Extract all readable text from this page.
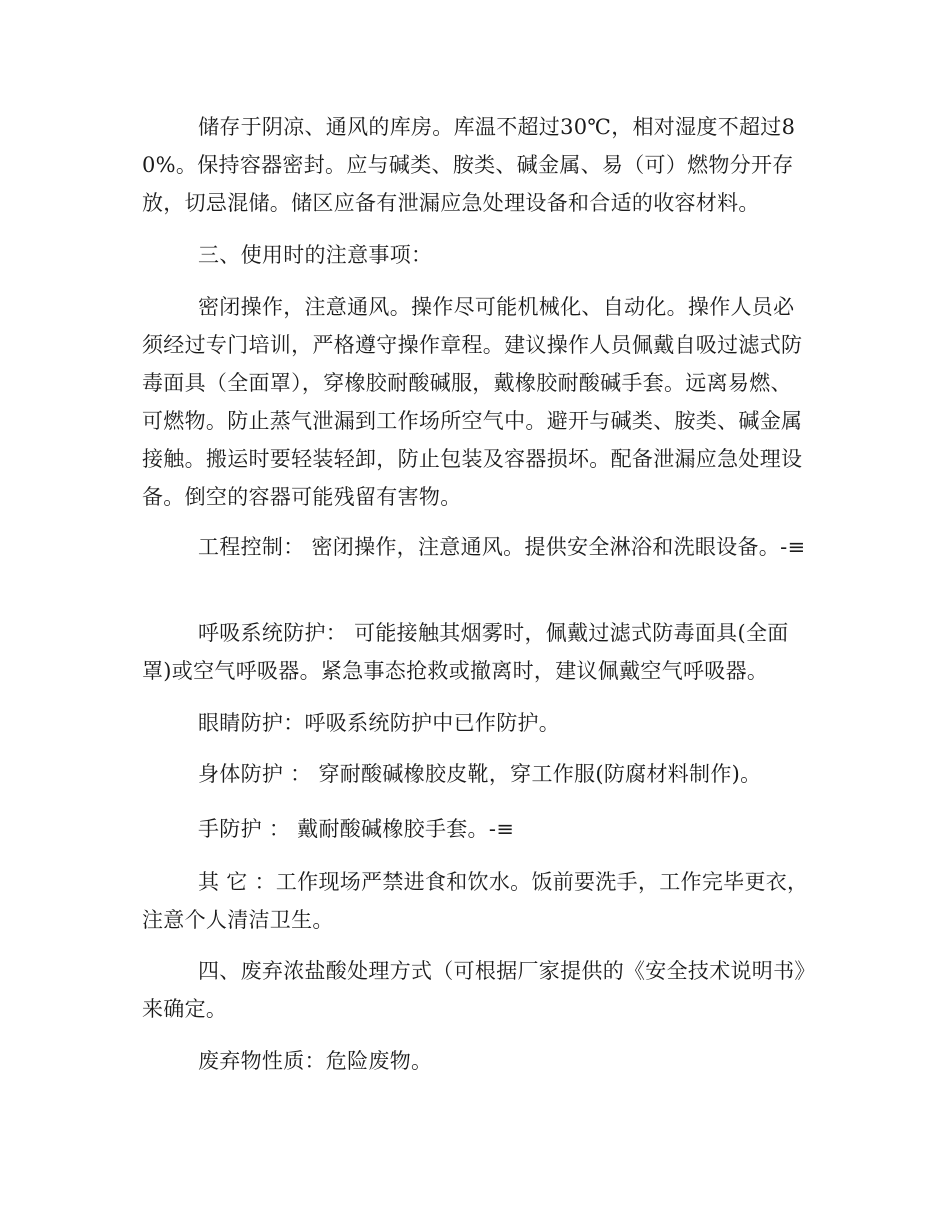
储存于阴凉、通风的库房。库温不超过30℃，相对湿度不超过80%。保持容器密封。应与碱类、胺类、碱金属、易（可）燃物分开存放，切忌混储。储区应备有泄漏应急处理设备和合适的收容材料。

三、使用时的注意事项：

密闭操作，注意通风。操作尽可能机械化、自动化。操作人员必须经过专门培训，严格遵守操作章程。建议操作人员佩戴自吸过滤式防毒面具（全面罩），穿橡胶耐酸碱服，戴橡胶耐酸碱手套。远离易燃、可燃物。防止蒸气泄漏到工作场所空气中。避开与碱类、胺类、碱金属接触。搬运时要轻装轻卸，防止包装及容器损坏。配备泄漏应急处理设备。倒空的容器可能残留有害物。

工程控制： 密闭操作，注意通风。提供安全淋浴和洗眼设备。-≡

呼吸系统防护： 可能接触其烟雾时，佩戴过滤式防毒面具(全面罩)或空气呼吸器。紧急事态抢救或撤离时，建议佩戴空气呼吸器。

眼睛防护：呼吸系统防护中已作防护。

身体防护 ： 穿耐酸碱橡胶皮靴，穿工作服(防腐材料制作)。

手防护 ： 戴耐酸碱橡胶手套。-≡

其 它 ：工作现场严禁进食和饮水。饭前要洗手，工作完毕更衣，注意个人清洁卫生。

四、废弃浓盐酸处理方式（可根据厂家提供的《安全技术说明书》来确定。

废弃物性质：危险废物。
